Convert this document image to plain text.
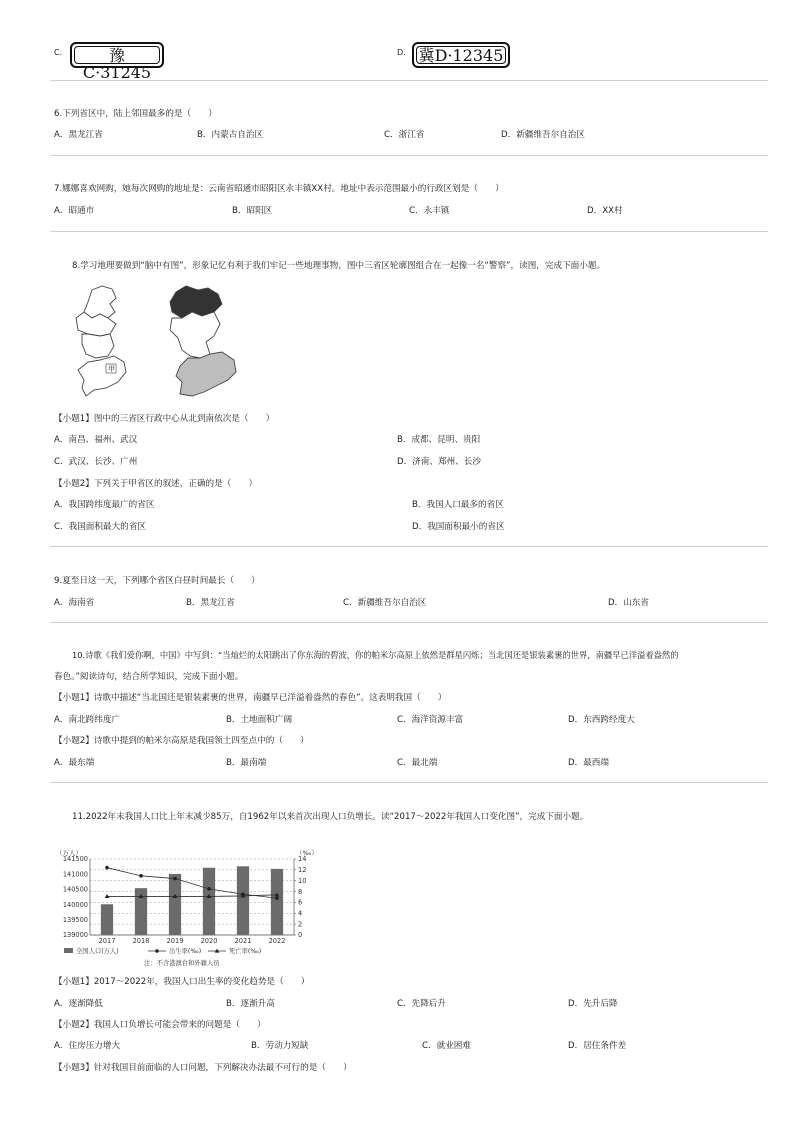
C.	豫C·31245
D. 冀D·12345
6.下列省区中，陆上邻国最多的是（　　）
A．黑龙江省	B．内蒙古自治区	C．浙江省	D．新疆维吾尔自治区
7.娜娜喜欢网购，她每次网购的地址是：云南省昭通市昭阳区永丰镇XX村。地址中表示范围最小的行政区划是（　　）
A．昭通市	B．昭阳区	C．永丰镇	D．XX村
8.学习地理要做到“脑中有图”，形象记忆有利于我们牢记一些地理事物，图中三省区轮廓图组合在一起像一名“警察”，读图，完成下面小题。
甲
【小题1】图中的三省区行政中心从北到南依次是（　　）
A．南昌、福州、武汉	B．成都、昆明、贵阳
C．武汉、长沙、广州	D．济南、郑州、长沙
【小题2】下列关于甲省区的叙述，正确的是（　　）
A．我国跨纬度最广的省区	B．我国人口最多的省区
C．我国面积最大的省区	D．我国面积最小的省区
9.夏至日这一天，下列哪个省区白昼时间最长（　　）
A．海南省	B．黑龙江省	C．新疆维吾尔自治区	D．山东省
10.诗歌《我们爱你啊，中国》中写到：“当灿烂的太阳跳出了你东海的碧波，你的帕米尔高原上依然是群星闪烁；当北国还是银装素裹的世界，南疆早已洋溢着盎然的
春色。”阅读诗句，结合所学知识，完成下面小题。
【小题1】诗歌中描述“当北国还是银装素裹的世界，南疆早已洋溢着盎然的春色”。这表明我国（　　）
A．南北跨纬度广	B．土地面积广阔	C．海洋资源丰富	D．东西跨经度大
【小题2】诗歌中提到的帕米尔高原是我国领土四至点中的（　　）
A．最东端	B．最南端	C．最北端	D．最西端
11.2022年末我国人口比上年末减少85万，自1962年以来首次出现人口负增长。读“2017～2022年我国人口变化图”，完成下面小题。
（万人）	（‰）
141500
141000
140500
140000
139500
139000
14
12
10
8
6
4
2
0
2017	2018	2019	2020	2021	2022
全国人口(万人)	出生率(‰)	死亡率(‰)
注：不含港澳台和外籍人员
【小题1】2017～2022年，我国人口出生率的变化趋势是（　　）
A．逐渐降低	B．逐渐升高	C．先降后升	D．先升后降
【小题2】我国人口负增长可能会带来的问题是（　　）
A．住房压力增大	B．劳动力短缺	C．就业困难	D．居住条件差
【小题3】针对我国目前面临的人口问题，下列解决办法最不可行的是（　　）
